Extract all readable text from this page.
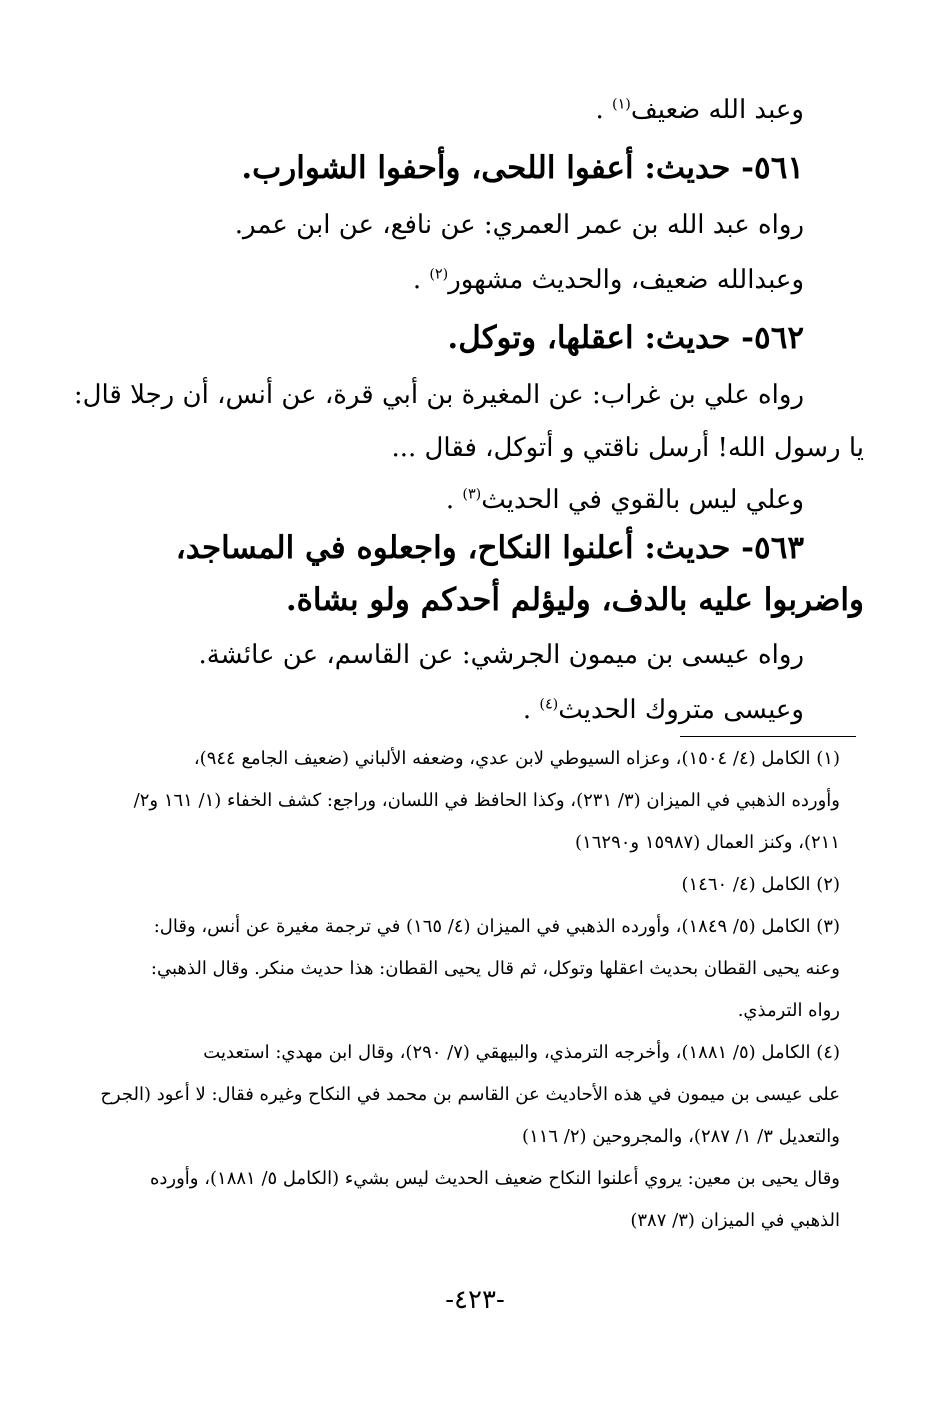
وعبد الله ضعيف$^{(١)}$ .
٥٦١- حديث: أعفوا اللحى، وأحفوا الشوارب.
رواه عبد الله بن عمر العمري: عن نافع، عن ابن عمر.
وعبدالله ضعيف، والحديث مشهور$^{(٢)}$ .
٥٦٢- حديث: اعقلها، وتوكل.
رواه علي بن غراب: عن المغيرة بن أبي قرة، عن أنس، أن رجلا قال:
يا رسول الله! أرسل ناقتي و أتوكل، فقال ...
وعلي ليس بالقوي في الحديث$^{(٣)}$ .
٥٦٣- حديث: أعلنوا النكاح، واجعلوه في المساجد،
واضربوا عليه بالدف، وليؤلم أحدكم ولو بشاة.
رواه عيسى بن ميمون الجرشي: عن القاسم، عن عائشة.
وعيسى متروك الحديث$^{(٤)}$ .
(١) الكامل (٤/ ١٥٠٤)، وعزاه السيوطي لابن عدي، وضعفه الألباني (ضعيف الجامع ٩٤٤)،
وأورده الذهبي في الميزان (٣/ ٢٣١)، وكذا الحافظ في اللسان، وراجع: كشف الخفاء (١/ ١٦١ و٢/
٢١١)، وكنز العمال (١٥٩٨٧ و١٦٢٩٠)
(٢) الكامل (٤/ ١٤٦٠)
(٣) الكامل (٥/ ١٨٤٩)، وأورده الذهبي في الميزان (٤/ ١٦٥) في ترجمة مغيرة عن أنس، وقال:
وعنه يحيى القطان بحديث اعقلها وتوكل، ثم قال يحيى القطان: هذا حديث منكر. وقال الذهبي:
رواه الترمذي.
(٤) الكامل (٥/ ١٨٨١)، وأخرجه الترمذي، والبيهقي (٧/ ٢٩٠)، وقال ابن مهدي: استعديت
على عيسى بن ميمون في هذه الأحاديث عن القاسم بن محمد في النكاح وغيره فقال: لا أعود (الجرح
والتعديل ٣/ ١/ ٢٨٧)، والمجروحين (٢/ ١١٦)
وقال يحيى بن معين: يروي أعلنوا النكاح ضعيف الحديث ليس بشيء (الكامل ٥/ ١٨٨١)، وأورده
الذهبي في الميزان (٣/ ٣٨٧)
-٤٢٣-
